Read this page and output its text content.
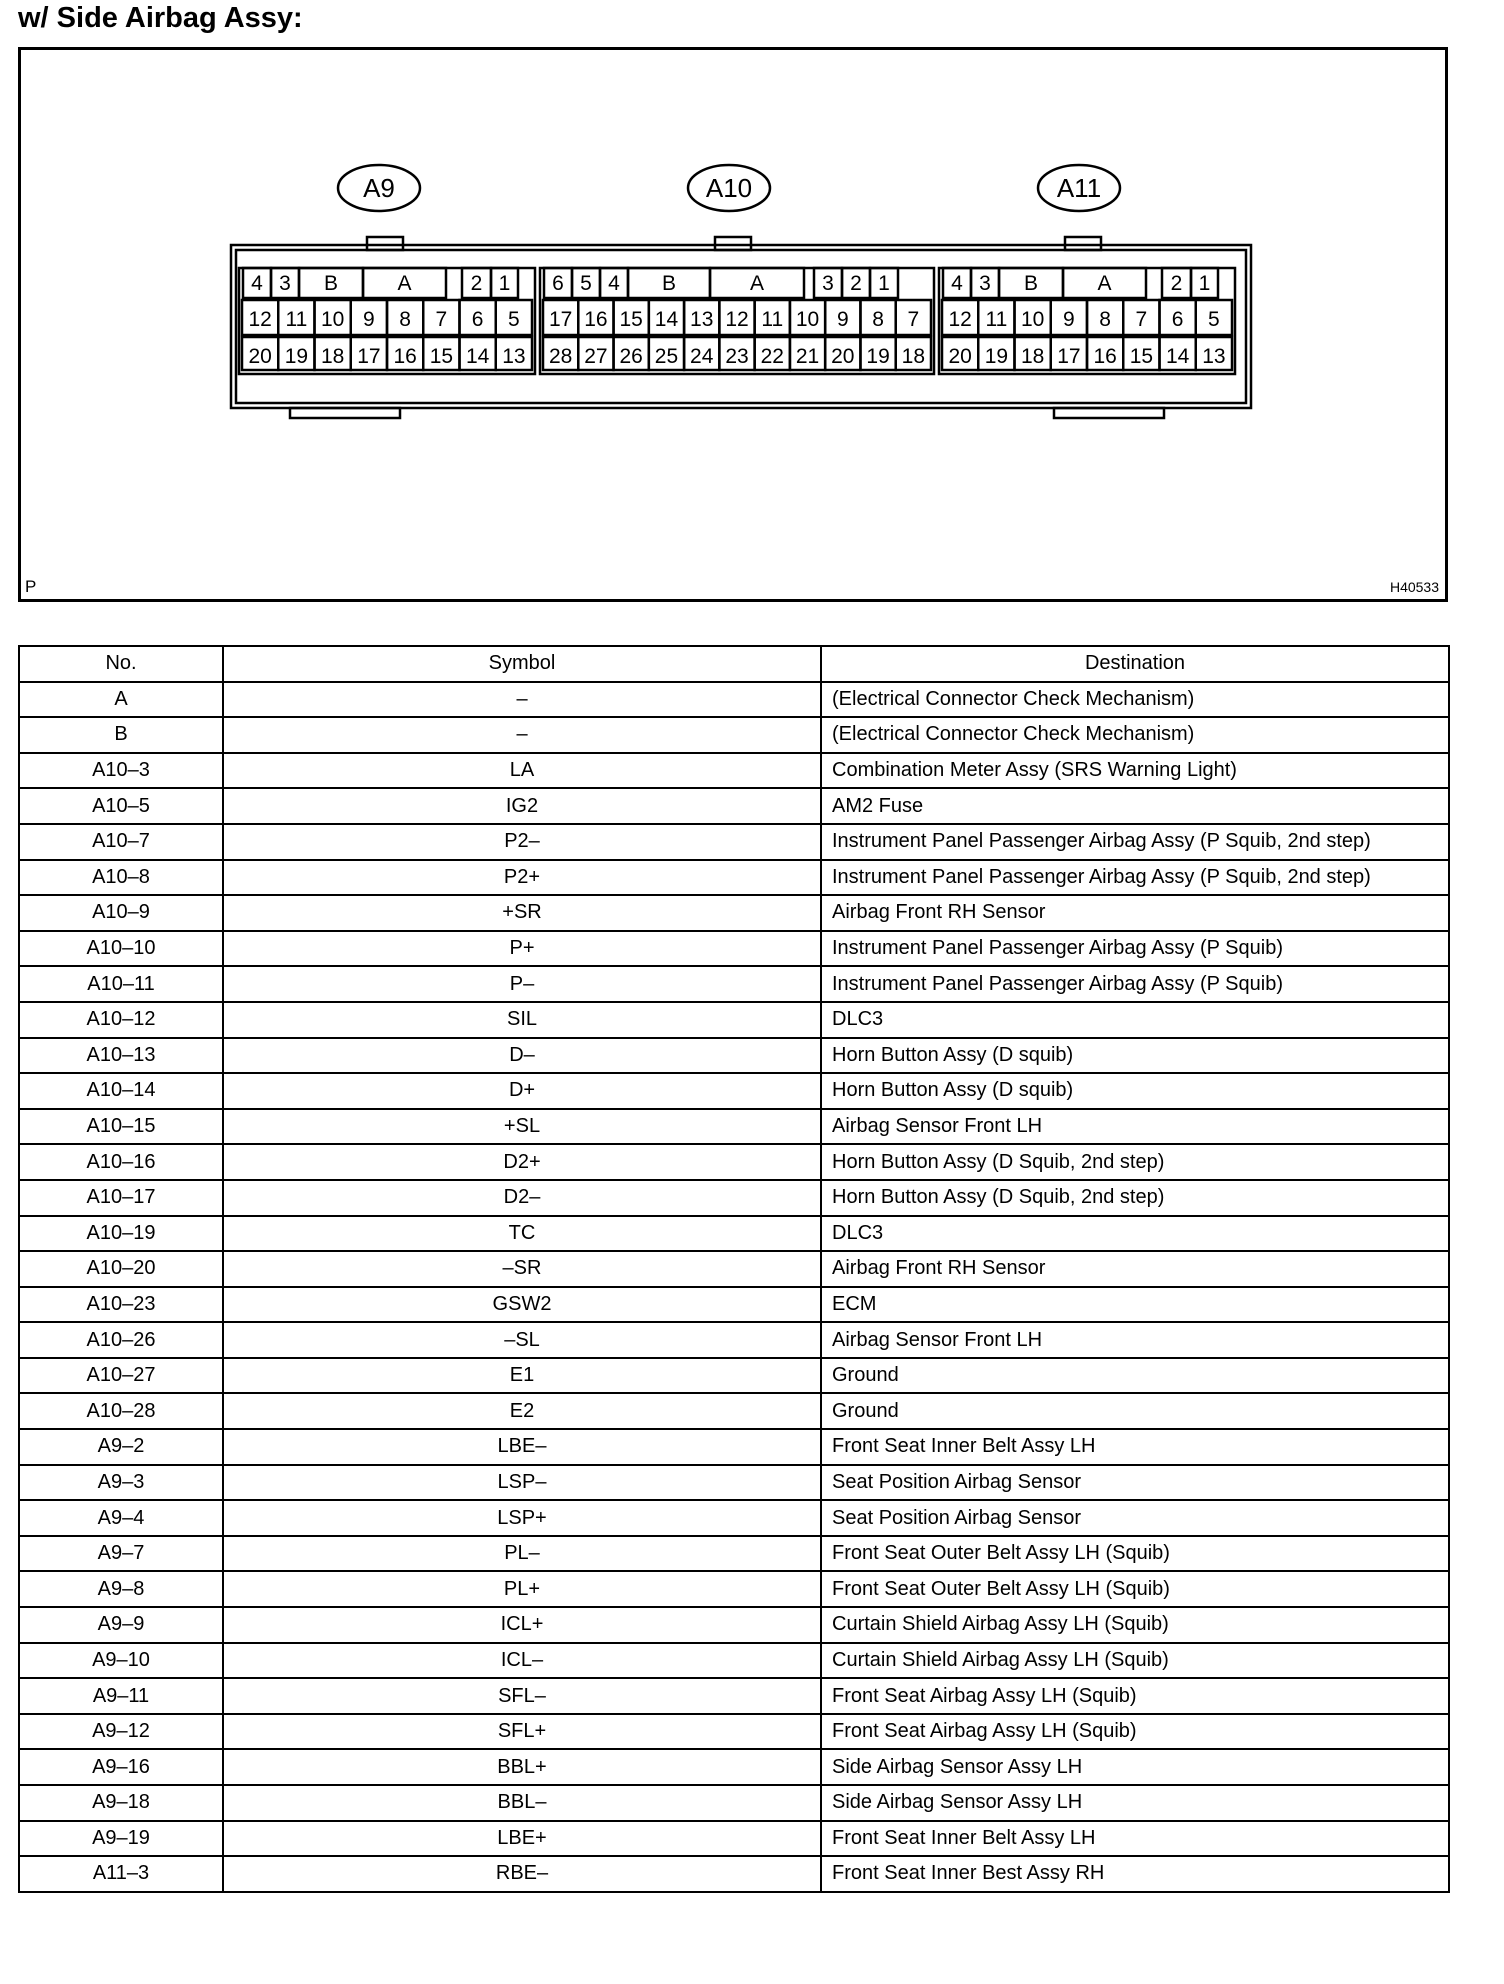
w/ Side Airbag Assy:
A9
4 3 B	A	2 1
12 11 10 9 8 7 6 5
20 19 18 17 16 15 14 13
A10
6 5 4 B	A	3 2 1
17 16 15 14 13 12 11 10 9 8 7
28 27 26 25 24 23 22 21 20 19 18
A11
4 3 B	A	2 1
12 11 10 9 8 7 6 5
20 19 18 17 16 15 14 13
P	H40533
No.	Symbol	Destination
A	–	(Electrical Connector Check Mechanism)
B	–	(Electrical Connector Check Mechanism)
A10–3	LA	Combination Meter Assy (SRS Warning Light)
A10–5	IG2	AM2 Fuse
A10–7	P2–	Instrument Panel Passenger Airbag Assy (P Squib, 2nd step)
A10–8	P2+	Instrument Panel Passenger Airbag Assy (P Squib, 2nd step)
A10–9	+SR	Airbag Front RH Sensor
A10–10	P+	Instrument Panel Passenger Airbag Assy (P Squib)
A10–11	P–	Instrument Panel Passenger Airbag Assy (P Squib)
A10–12	SIL	DLC3
A10–13	D–	Horn Button Assy (D squib)
A10–14	D+	Horn Button Assy (D squib)
A10–15	+SL	Airbag Sensor Front LH
A10–16	D2+	Horn Button Assy (D Squib, 2nd step)
A10–17	D2–	Horn Button Assy (D Squib, 2nd step)
A10–19	TC	DLC3
A10–20	–SR	Airbag Front RH Sensor
A10–23	GSW2	ECM
A10–26	–SL	Airbag Sensor Front LH
A10–27	E1	Ground
A10–28	E2	Ground
A9–2	LBE–	Front Seat Inner Belt Assy LH
A9–3	LSP–	Seat Position Airbag Sensor
A9–4	LSP+	Seat Position Airbag Sensor
A9–7	PL–	Front Seat Outer Belt Assy LH (Squib)
A9–8	PL+	Front Seat Outer Belt Assy LH (Squib)
A9–9	ICL+	Curtain Shield Airbag Assy LH (Squib)
A9–10	ICL–	Curtain Shield Airbag Assy LH (Squib)
A9–11	SFL–	Front Seat Airbag Assy LH (Squib)
A9–12	SFL+	Front Seat Airbag Assy LH (Squib)
A9–16	BBL+	Side Airbag Sensor Assy LH
A9–18	BBL–	Side Airbag Sensor Assy LH
A9–19	LBE+	Front Seat Inner Belt Assy LH
A11–3	RBE–	Front Seat Inner Best Assy RH
